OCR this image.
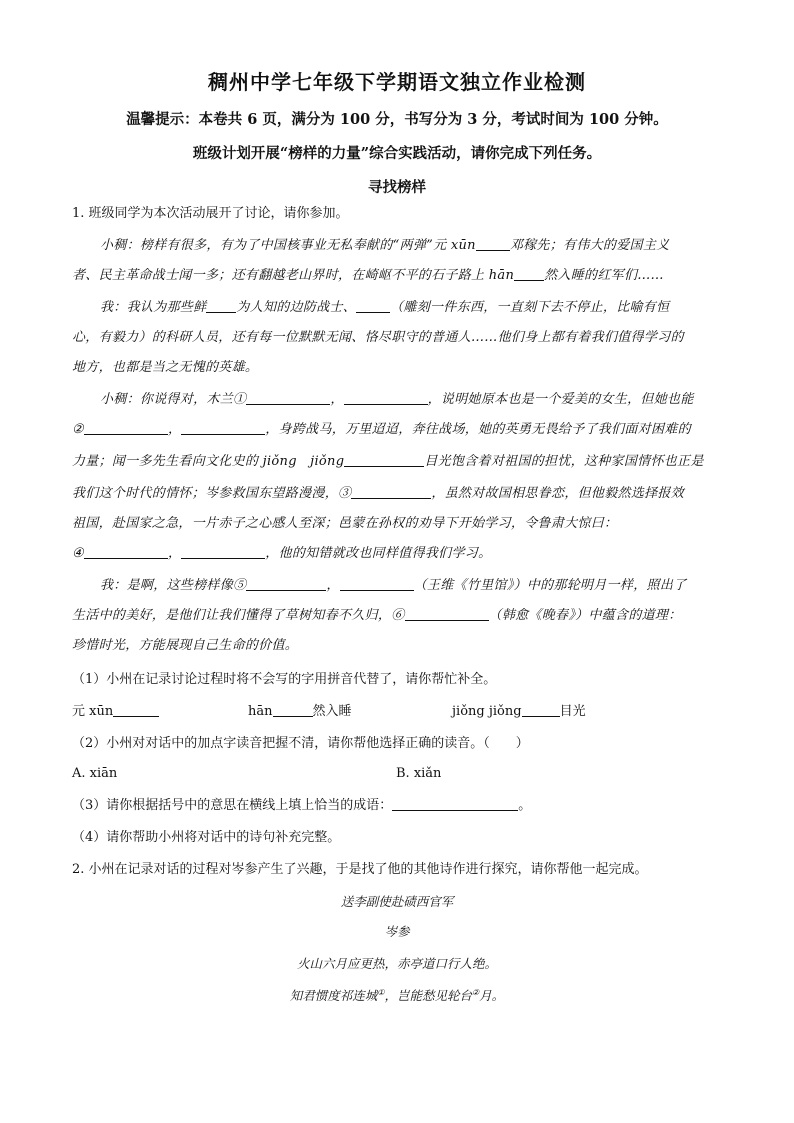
稠州中学七年级下学期语文独立作业检测
温馨提示：本卷共 6 页，满分为 100 分，书写分为 3 分，考试时间为 100 分钟。
班级计划开展“榜样的力量”综合实践活动，请你完成下列任务。
寻找榜样
1. 班级同学为本次活动展开了讨论，请你参加。
小稠：榜样有很多，有为了中国核事业无私奉献的“两弹”元 xūn	邓稼先；有伟大的爱国主义
者、民主革命战士闻一多；还有翻越老山界时，在崎岖不平的石子路上 hān 然入睡的红军们……
我：我认为那些鲜 为人知的边防战士、	（雕刻一件东西，一直刻下去不停止，比喻有恒
心，有毅力）的科研人员，还有每一位默默无闻、恪尽职守的普通人……他们身上都有着我们值得学习的
地方，也都是当之无愧的英雄。
小稠：你说得对，木兰①	，	，说明她原本也是一个爱美的女生，但她也能
②	，	，身跨战马，万里迢迢，奔往战场，她的英勇无畏给予了我们面对困难的
力量；闻一多先生看向文化史的 jiǒng　jiǒng	目光饱含着对祖国的担忧，这种家国情怀也正是
我们这个时代的情怀；岑参救国东望路漫漫，③	，虽然对故国相思眷恋，但他毅然选择报效
祖国，赴国家之急，一片赤子之心感人至深；邑蒙在孙权的劝导下开始学习，令鲁肃大惊曰：
④	，	，他的知错就改也同样值得我们学习。
我：是啊，这些榜样像⑤	，	（王维《竹里馆》）中的那轮明月一样，照出了
生活中的美好，是他们让我们懂得了草树知春不久归，⑥	（韩愈《晚春》）中蕴含的道理：
珍惜时光，方能展现自己生命的价值。
（1）小州在记录讨论过程时将不会写的字用拼音代替了，请你帮忙补全。
元 xūn	hān	然入睡	jiǒng jiǒng	目光
（2）小州对对话中的加点字读音把握不清，请你帮他选择正确的读音。（　　）
A. xiān	B. xiǎn
（3）请你根据括号中的意思在横线上填上恰当的成语：	。
（4）请你帮助小州将对话中的诗句补充完整。
2. 小州在记录对话的过程对岑参产生了兴趣，于是找了他的其他诗作进行探究，请你帮他一起完成。
送李副使赴碛西官军
岑参
火山六月应更热，赤亭道口行人绝。
知君惯度祁连城①，岂能愁见轮台②月。
